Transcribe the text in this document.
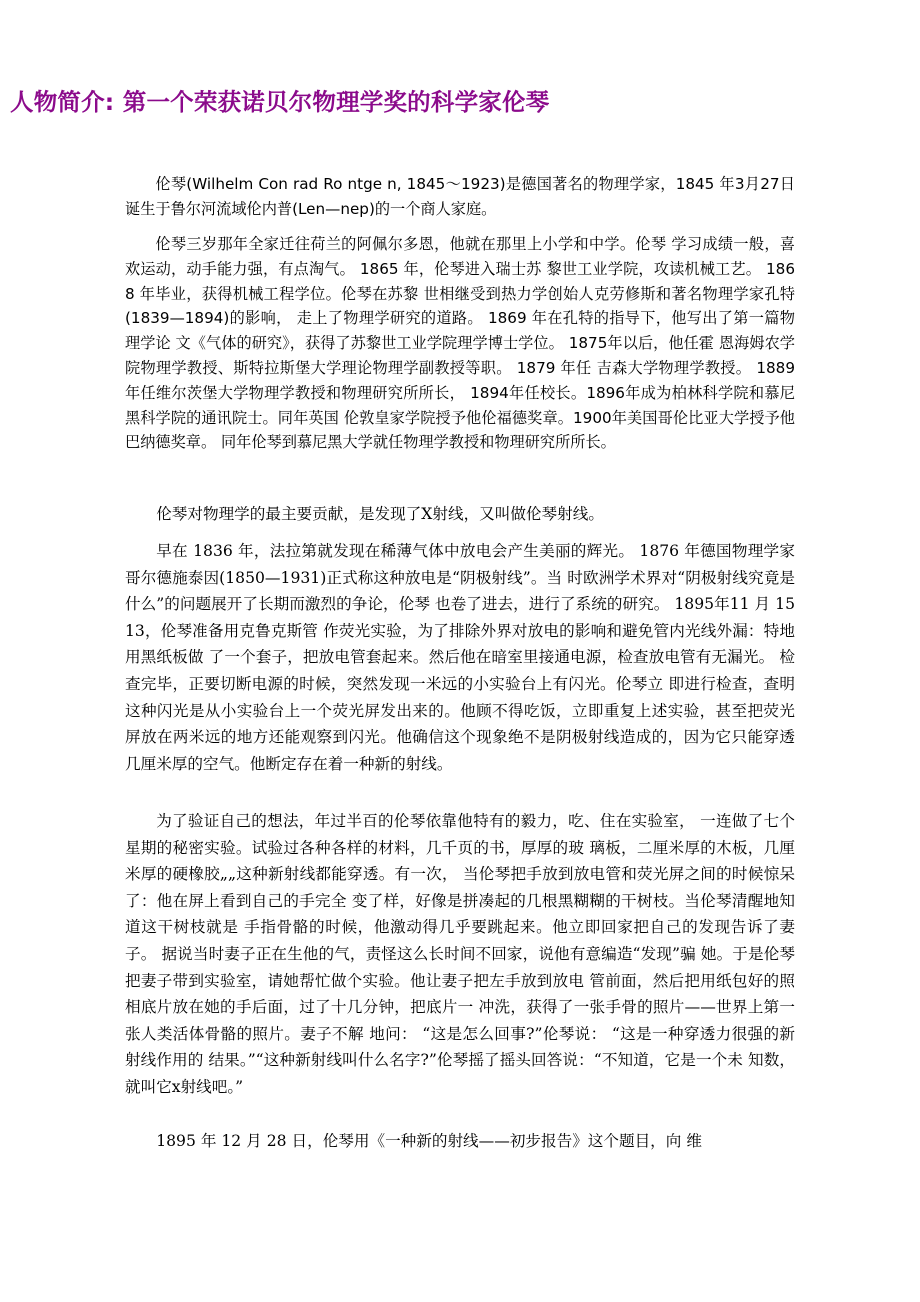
人物简介: 第一个荣获诺贝尔物理学奖的科学家伦琴

伦琴(Wilhelm Con rad Ro ntge n, 1845～1923)是德国著名的物理学家，1845 年3月27日诞生于鲁尔河流域伦内普(Len—nep)的一个商人家庭。

伦琴三岁那年全家迁往荷兰的阿佩尔多恩，他就在那里上小学和中学。伦琴 学习成绩一般，喜欢运动，动手能力强，有点淘气。 1865 年，伦琴进入瑞士苏 黎世工业学院，攻读机械工艺。 1868 年毕业，获得机械工程学位。伦琴在苏黎 世相继受到热力学创始人克劳修斯和著名物理学家孔特 (1839—1894)的影响， 走上了物理学研究的道路。 1869 年在孔特的指导下，他写出了第一篇物理学论 文《气体的研究》，获得了苏黎世工业学院理学博士学位。 1875年以后，他任霍 恩海姆农学院物理学教授、斯特拉斯堡大学理论物理学副教授等职。 1879 年任 吉森大学物理学教授。 1889 年任维尔茨堡大学物理学教授和物理研究所所长， 1894年任校长。1896年成为柏林科学院和慕尼黑科学院的通讯院士。同年英国 伦敦皇家学院授予他伦福德奖章。1900年美国哥伦比亚大学授予他巴纳德奖章。 同年伦琴到慕尼黑大学就任物理学教授和物理研究所所长。

伦琴对物理学的最主要贡献，是发现了X射线，又叫做伦琴射线。

早在 1836 年，法拉第就发现在稀薄气体中放电会产生美丽的辉光。 1876 年德国物理学家哥尔德施泰因(1850—1931)正式称这种放电是“阴极射线”。当 时欧洲学术界对“阴极射线究竟是什么”的问题展开了长期而激烈的争论，伦琴 也卷了进去，进行了系统的研究。 1895年11 月 15 13，伦琴准备用克鲁克斯管 作荧光实验，为了排除外界对放电的影响和避免管内光线外漏：特地用黑纸板做 了一个套子，把放电管套起来。然后他在暗室里接通电源，检查放电管有无漏光。 检查完毕，正要切断电源的时候，突然发现一米远的小实验台上有闪光。伦琴立 即进行检查，查明这种闪光是从小实验台上一个荧光屏发出来的。他顾不得吃饭，立即重复上述实验，甚至把荧光屏放在两米远的地方还能观察到闪光。他确信这个现象绝不是阴极射线造成的，因为它只能穿透几厘米厚的空气。他断定存在着一种新的射线。

为了验证自己的想法，年过半百的伦琴依靠他特有的毅力，吃、住在实验室， 一连做了七个星期的秘密实验。试验过各种各样的材料，几千页的书，厚厚的玻 璃板，二厘米厚的木板，几厘米厚的硬橡胶„„这种新射线都能穿透。有一次， 当伦琴把手放到放电管和荧光屏之间的时候惊呆了：他在屏上看到自己的手完全 变了样，好像是拼凑起的几根黑糊糊的干树枝。当伦琴清醒地知道这干树枝就是 手指骨骼的时候，他激动得几乎要跳起来。他立即回家把自己的发现告诉了妻子。 据说当时妻子正在生他的气，责怪这么长时间不回家，说他有意编造“发现”骗 她。于是伦琴把妻子带到实验室，请她帮忙做个实验。他让妻子把左手放到放电 管前面，然后把用纸包好的照相底片放在她的手后面，过了十几分钟，把底片一 冲洗，获得了一张手骨的照片——世界上第一张人类活体骨骼的照片。妻子不解 地问： “这是怎么回事?”伦琴说： “这是一种穿透力很强的新射线作用的 结果。”“这种新射线叫什么名字?”伦琴摇了摇头回答说：“不知道，它是一个未 知数，就叫它x射线吧。”

1895 年 12 月 28 日，伦琴用《一种新的射线——初步报告》这个题目，向 维
